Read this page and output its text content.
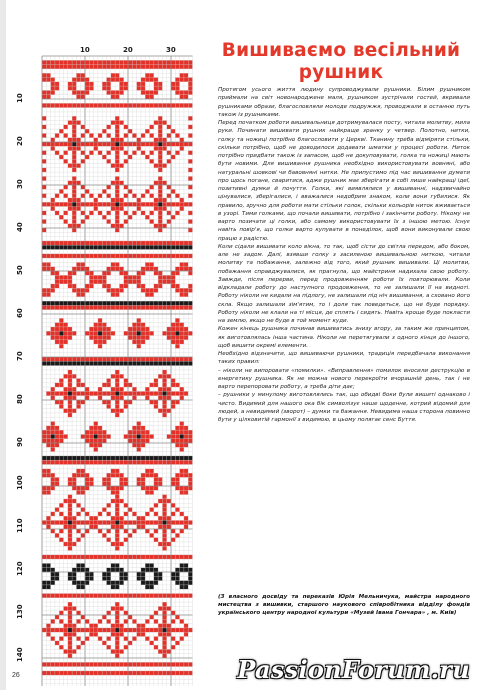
10	20	30
10
20
30
40
50
60
70
80
90
100
110
120
130
140
Вишиваємо весільний
рушник

Протягом усього життя людину супроводжували рушники. Білим рушником приймали на світ новонароджене маля, рушником зустрічали гостей, вкривали рушниками образи, благословляли молоде подружжя, проводжали в останню путь також із рушниками.

Перед початком роботи вишивальниця дотримувалася посту, читала молитву, мила руки. Починати вишивати рушник найкраще зранку у четвер. Полотно, нитки, голку та ножиці потрібно благословити у Церкві. Тканину треба відміряти стільки, скільки потрібно, щоб не доводилося додавати шматки у процесі роботи. Ниток потрібно придбати також із запасом, щоб не докуповувати, голка та ножиці мають бути новими. Для вишивання рушника необхідно використовувати вовняні, або натуральні шовкові чи бавовняні нитки. Не припустимо під час вишивання думати про щось погане, сваритися, адже рушник має зберігати в собі лише найкращі ідеї, позитивні думки й почуття. Голки, які виявлялися у вишиванні, надзвичайно цінувалися, зберігалися, і вважалися недобрим знаком, коли вони губилися. Як правило, зручно для роботи мати стільки голок, скільки кольорів ниток вживається в узорі. Тими голками, що почали вишивати, потрібно і закінчити роботу. Нікому не варто позичати ці голки, або самому використовувати їх з іншою метою. Існує навіть повір'я, що голки варто купувати в понеділок, щоб вони виконували свою працю з радістю.

Коли сідали вишивати коло вікна, то так, щоб сісти до світла передом, або боком, але не задом. Далі, взявши голку з засиленою вишивальною ниткою, читали молитву та побажання, залежно від того, який рушник вишивали. Ці молитви, побажання справджувалися, як прагнула, що майстриня надихала свою роботу. Завжди, після перерви, перед продовженням роботи їх повторювали. Коли відкладали роботу до наступного продовження, то не залишали її на видноті. Роботу ніколи не кидали на підлогу, не залишали під ніч вишивання, а сховано його скла. Якщо залишали зім'ятим, то і доля так поведеться, що не буде порядку. Роботу ніколи не клали на ті місця, де сплять і сидять. Навіть кроще буде покласти на землю, якщо не буде в той момент куди.

Кожен кінець рушника починав вишиватись знизу вгору, за таким же принципом, як виготовлялась інша частина. Ніколи не перетягували з одного кінця до іншого, щоб вишити окремі елементи.

Необхідно відзначити, що вишиваючи рушники, традиція передбачала виконання таких правил:

– ніколи не випоровати «помилки». «Виправлення» помилок вносили деструкцію в енергетику рушника. Як не можна нового перекроїти вчорашній день, так і не варто перепоровати роботу, а треба діти дає;

– рушники у минулому виготовлялись так, що обидві боки були вишиті однаково і чисто. Видимий для нашого ока бік символізує наше щоденне, котрий відомий для людей, а невидимий (зворот) – думки та бажання. Невидима наша сторона повинно бути у цілковитій гармонії з видимою, в цьому полягає сенс Буття.

(З власного досвіду та переказів Юрія Мельничука, майстра народного мистецтва з вишивки, старшого наукового співробітника відділу фондів українського центру народної культури «Музей Івана Гончара» , м. Київ)
26	PassionForum.ru
